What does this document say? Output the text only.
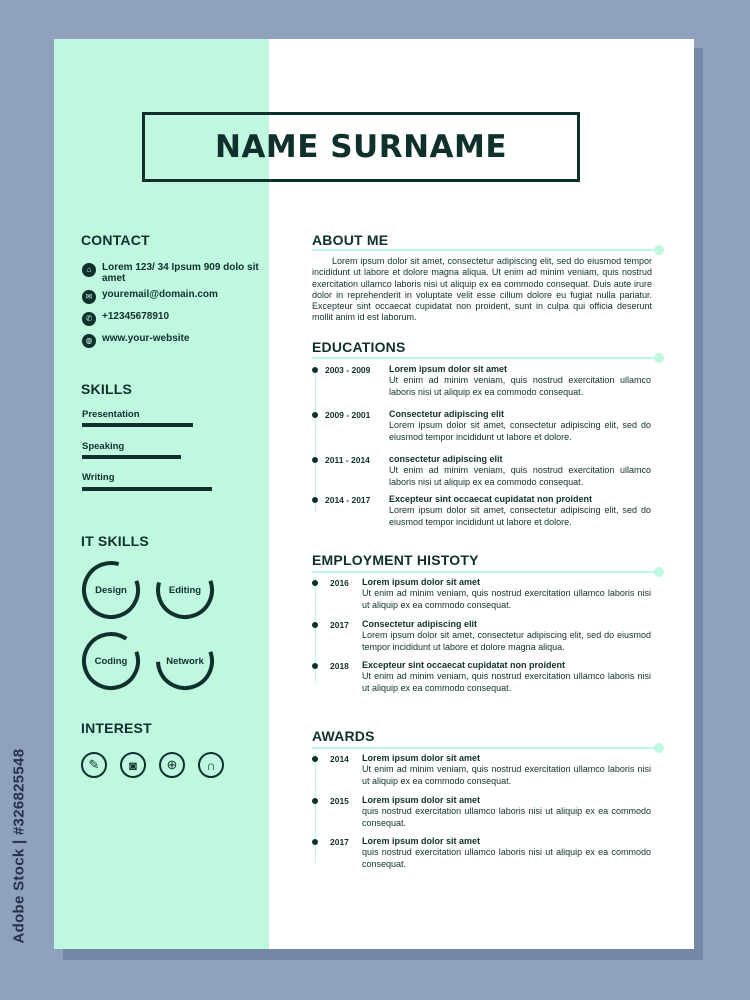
NAME SURNAME
CONTACT
⌂	Lorem 123/ 34 Ipsum 909 dolo sit amet
✉ youremail@domain.com
✆ +12345678910
◍ www.your-website
SKILLS
Presentation
Speaking
Writing
IT SKILLS
Design	Editing
Coding	Network
INTEREST
✎	◙	⊕	∩
ABOUT ME

Lorem ipsum dolor sit amet, consectetur adipiscing elit, sed do eiusmod tempor incididunt ut labore et dolore magna aliqua. Ut enim ad minim veniam, quis nostrud exercitation ullamco laboris nisi ut aliquip ex ea commodo consequat. Duis aute irure dolor in reprehenderit in voluptate velit esse cillum dolore eu fugiat nulla pariatur. Excepteur sint occaecat cupidatat non proident, sunt in culpa qui officia deserunt mollit anim id est laborum.

EDUCATIONS
2003 - 2009 Lorem ipsum dolor sit amet
Ut enim ad minim veniam, quis nostrud exercitation ullamco laboris nisi ut aliquip ex ea commodo consequat.
2009 - 2001 Consectetur adipiscing elit
Lorem ipsum dolor sit amet, consectetur adipiscing elit, sed do eiusmod tempor incididunt ut labore et dolore.
2011 - 2014 consectetur adipiscing elit
Ut enim ad minim veniam, quis nostrud exercitation ullamco laboris nisi ut aliquip ex ea commodo consequat.
2014 - 2017 Excepteur sint occaecat cupidatat non proident
Lorem ipsum dolor sit amet, consectetur adipiscing elit, sed do eiusmod tempor incididunt ut labore et dolore.
EMPLOYMENT HISTOTY
2016 Lorem ipsum dolor sit amet
Ut enim ad minim veniam, quis nostrud exercitation ullamco laboris nisi ut aliquip ex ea commodo consequat.
2017 Consectetur adipiscing elit
Lorem ipsum dolor sit amet, consectetur adipiscing elit, sed do eiusmod tempor incididunt ut labore et dolore magna aliqua.
2018 Excepteur sint occaecat cupidatat non proident
Ut enim ad minim veniam, quis nostrud exercitation ullamco laboris nisi ut aliquip ex ea commodo consequat.
AWARDS
2014 Lorem ipsum dolor sit amet
Ut enim ad minim veniam, quis nostrud exercitation ullamco laboris nisi ut aliquip ex ea commodo consequat.
2015 Lorem ipsum dolor sit amet
quis nostrud exercitation ullamco laboris nisi ut aliquip ex ea commodo consequat.
2017 Lorem ipsum dolor sit amet
quis nostrud exercitation ullamco laboris nisi ut aliquip ex ea commodo consequat.
Adobe Stock | #326825548
